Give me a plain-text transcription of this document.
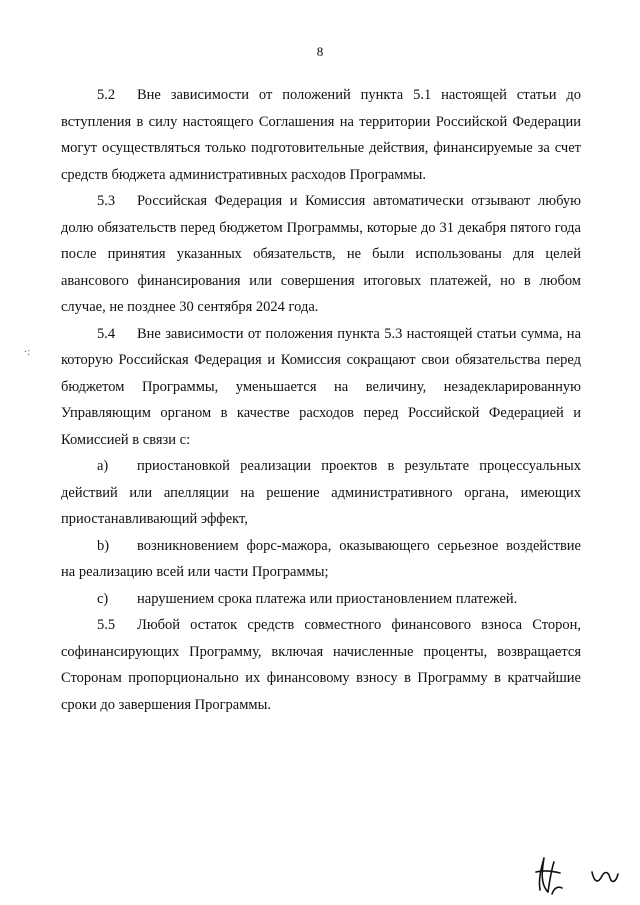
8
·:

5.2 Вне зависимости от положений пункта 5.1 настоящей статьи до вступления в силу настоящего Соглашения на территории Российской Федерации могут осуществляться только подготовительные действия, финансируемые за счет средств бюджета административных расходов Программы.

5.3 Российская Федерация и Комиссия автоматически отзывают любую долю обязательств перед бюджетом Программы, которые до 31 декабря пятого года после принятия указанных обязательств, не были использованы для целей авансового финансирования или совершения итоговых платежей, но в любом случае, не позднее 30 сентября 2024 года.

5.4 Вне зависимости от положения пункта 5.3 настоящей статьи сумма, на которую Российская Федерация и Комиссия сокращают свои обязательства перед бюджетом Программы, уменьшается на величину, незадекларированную Управляющим органом в качестве расходов перед Российской Федерацией и Комиссией в связи с:

a) приостановкой реализации проектов в результате процессуальных действий или апелляции на решение административного органа, имеющих приостанавливающий эффект,

b) возникновением форс-мажора, оказывающего серьезное воздействие на реализацию всей или части Программы;

c) нарушением срока платежа или приостановлением платежей.

5.5 Любой остаток средств совместного финансового взноса Сторон, софинансирующих Программу, включая начисленные проценты, возвращается Сторонам пропорционально их финансовому взносу в Программу в кратчайшие сроки до завершения Программы.
